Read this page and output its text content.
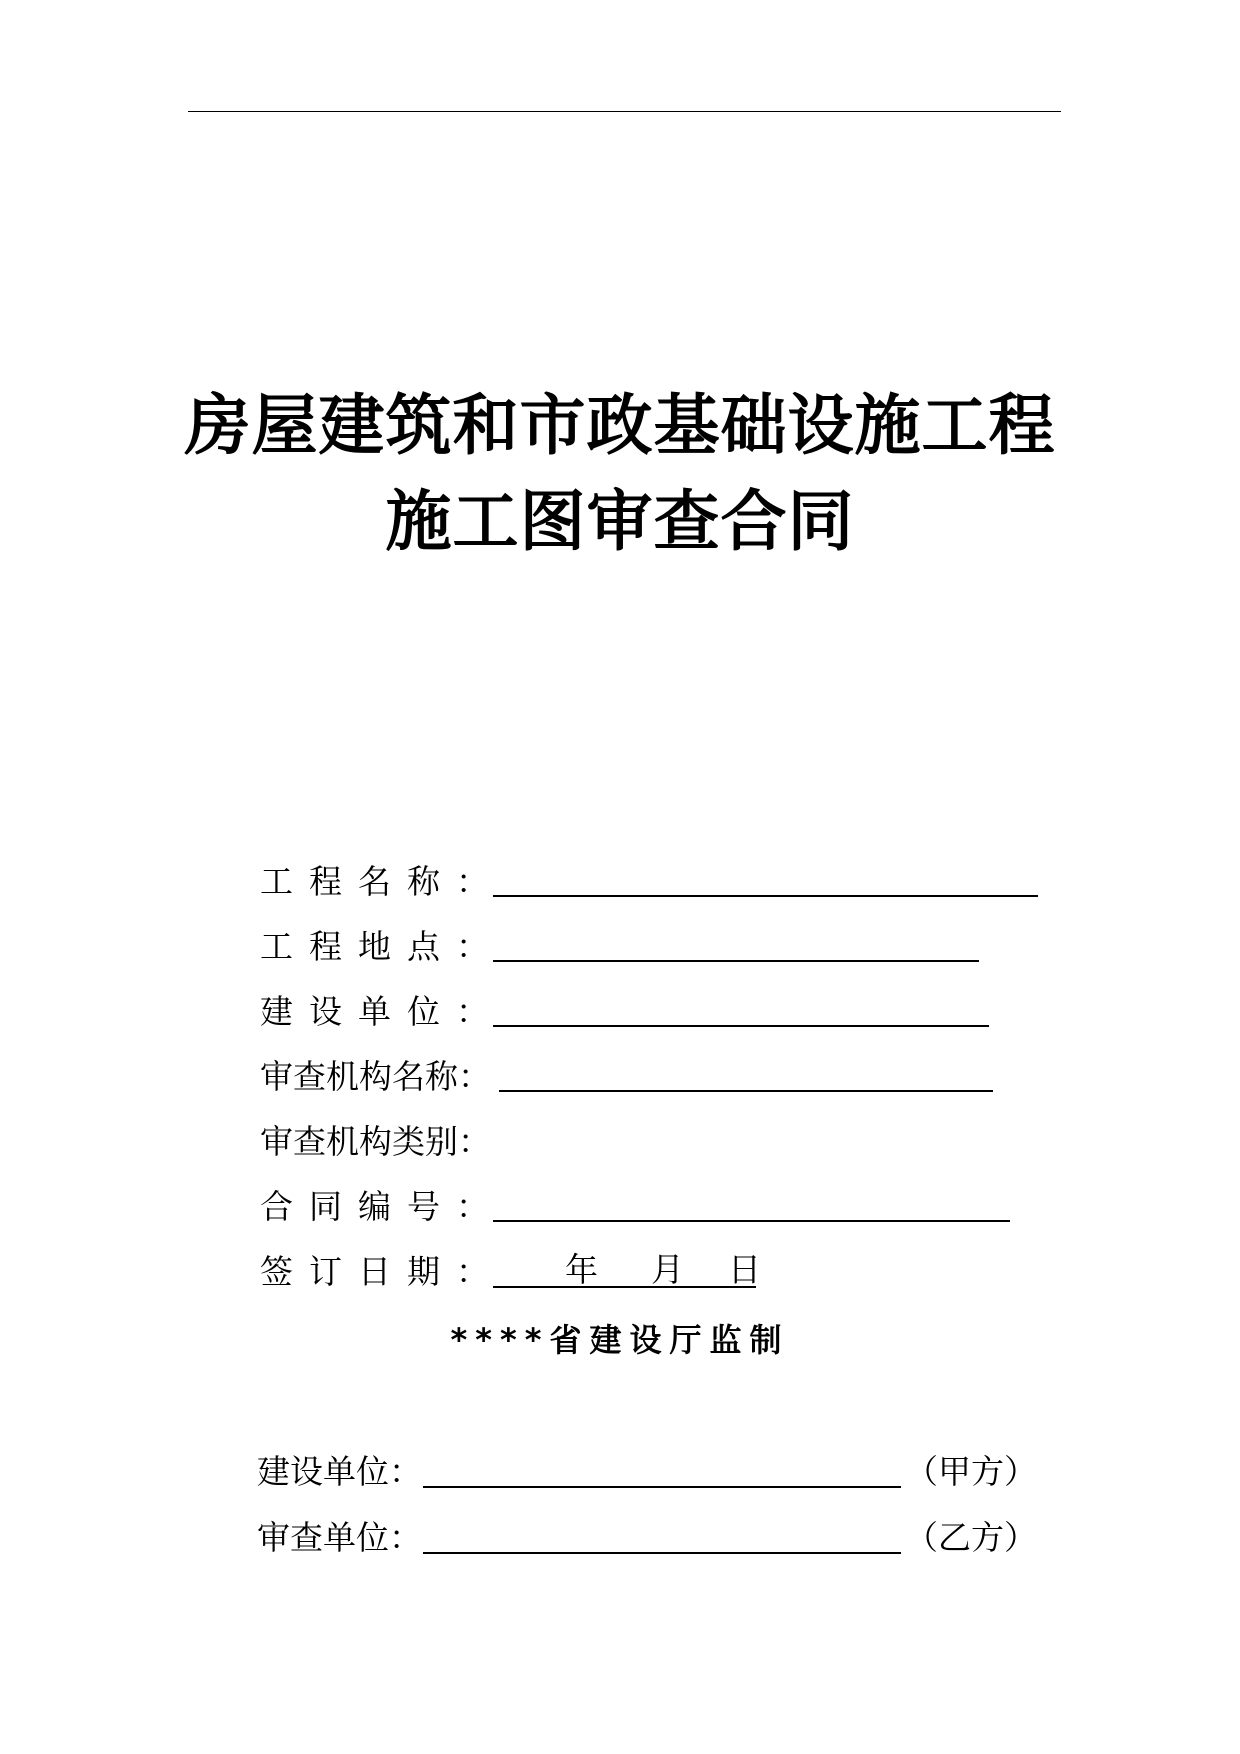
房屋建筑和市政基础设施工程
施工图审查合同
工程名称：
工程地点：
建设单位：
审查机构名称：
审查机构类别：
合同编号：
签订日期： 年 月 日
****省建设厅监制
建设单位：	（甲方）
审查单位：	（乙方）
